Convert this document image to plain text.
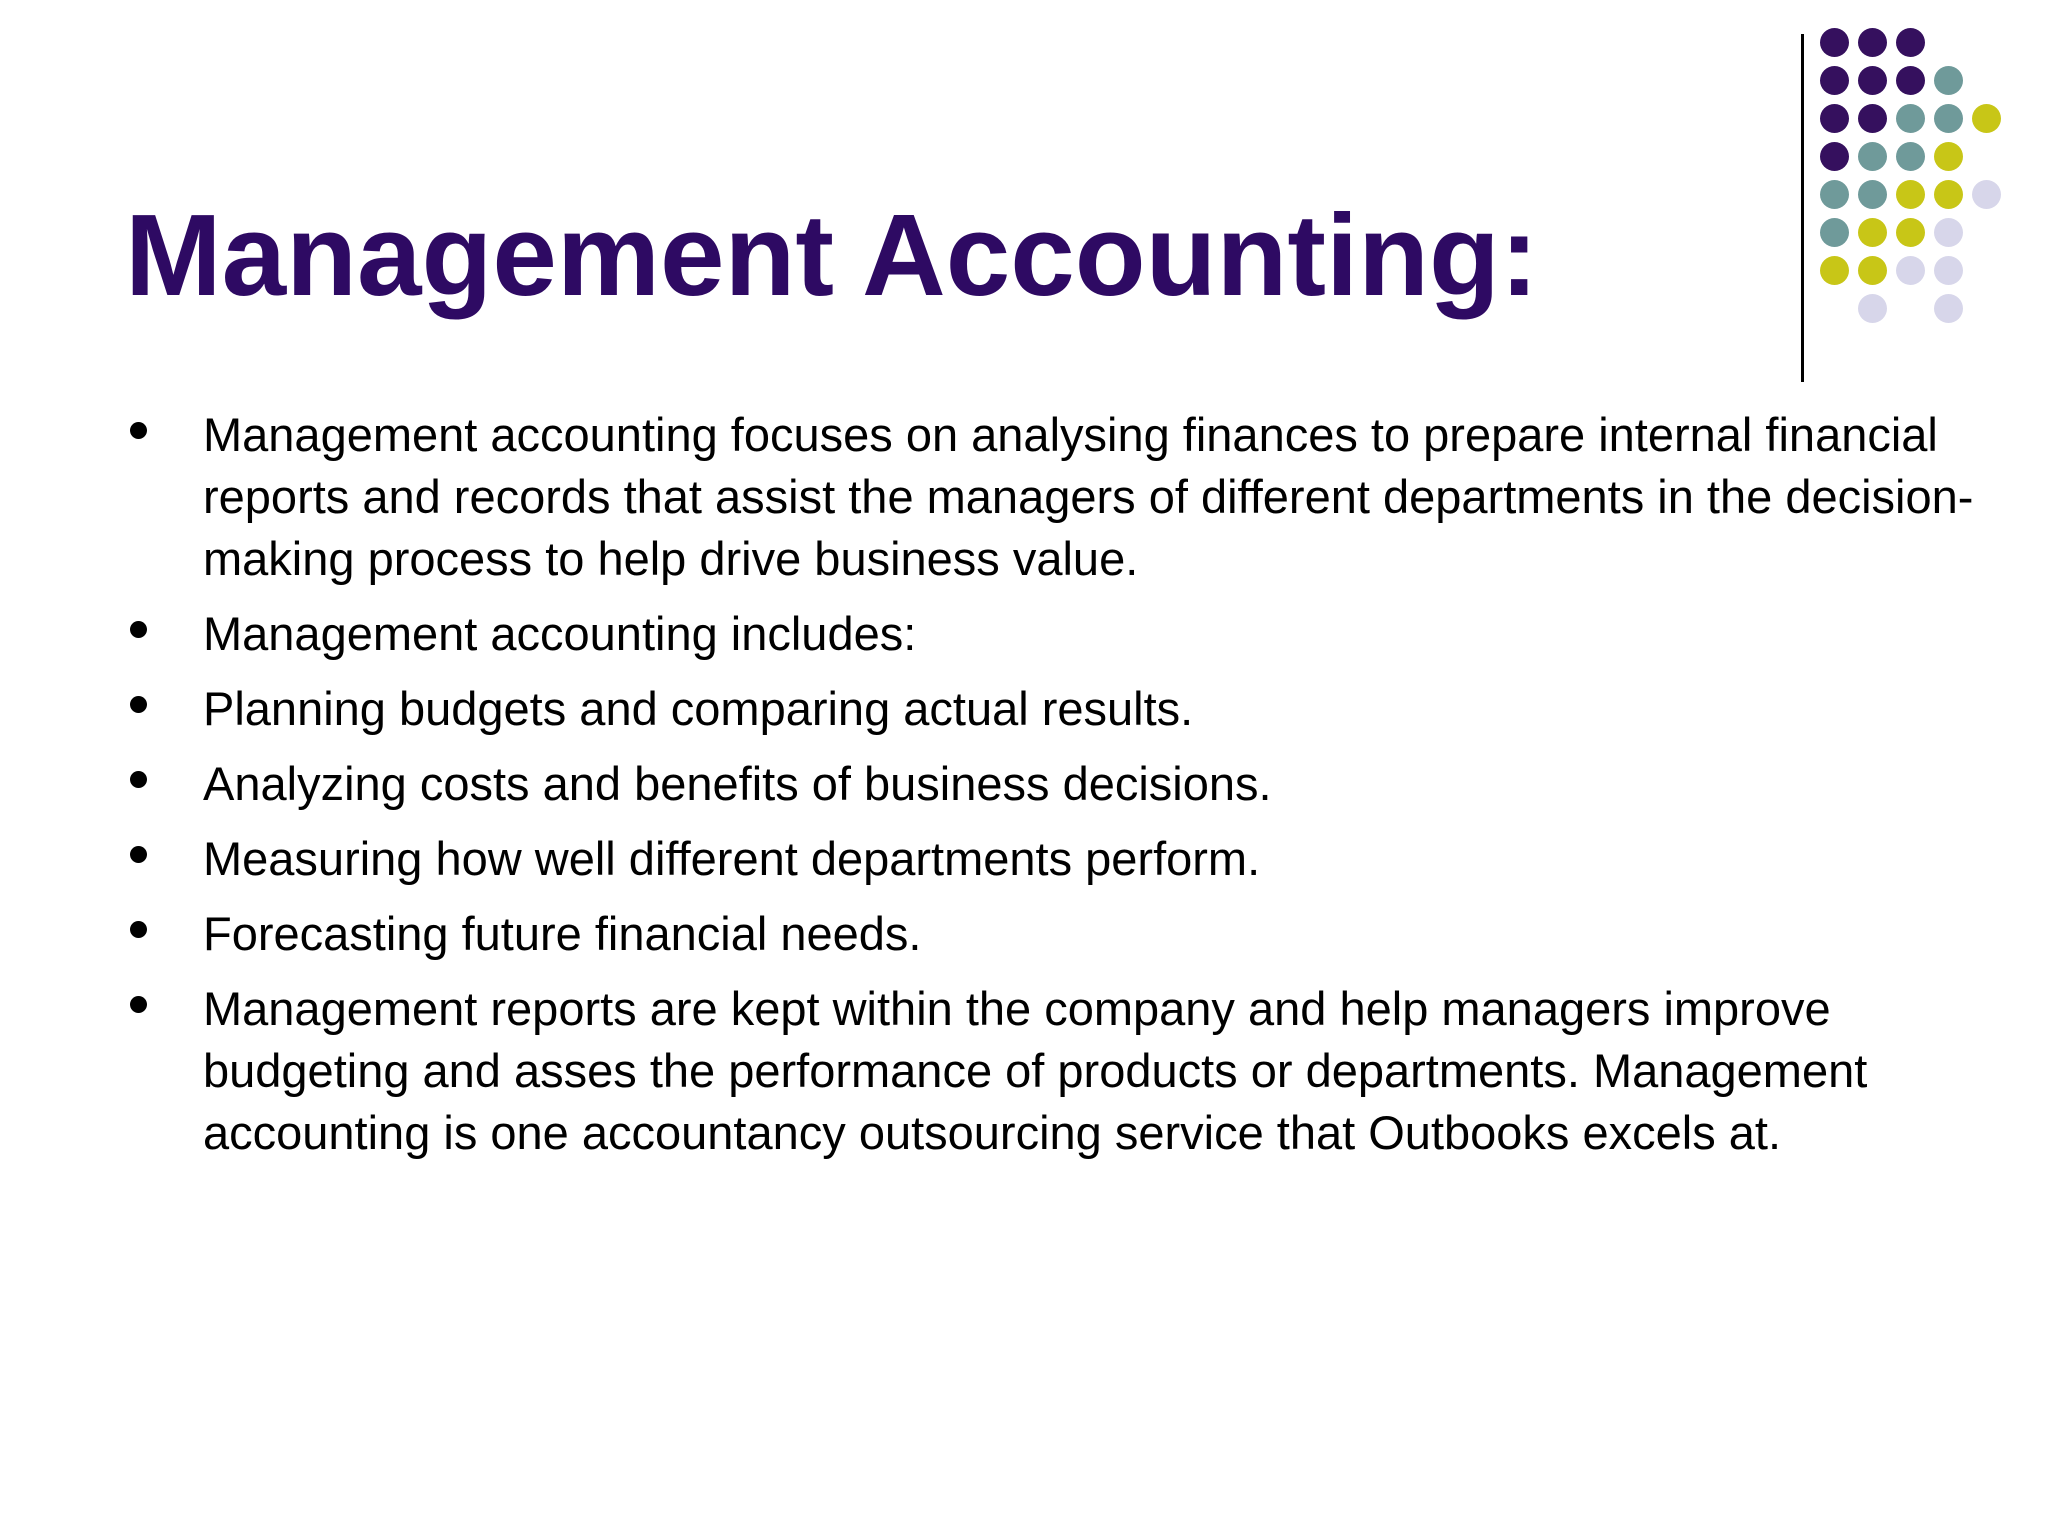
Management Accounting:
Management accounting focuses on analysing finances to prepare internal financial reports and records that assist the managers of different departments in the decision-making process to help drive business value.
Management accounting includes:
Planning budgets and comparing actual results.
Analyzing costs and benefits of business decisions.
Measuring how well different departments perform.
Forecasting future financial needs.
Management reports are kept within the company and help managers improve budgeting and asses the performance of products or departments. Management accounting is one accountancy outsourcing service that Outbooks excels at.
